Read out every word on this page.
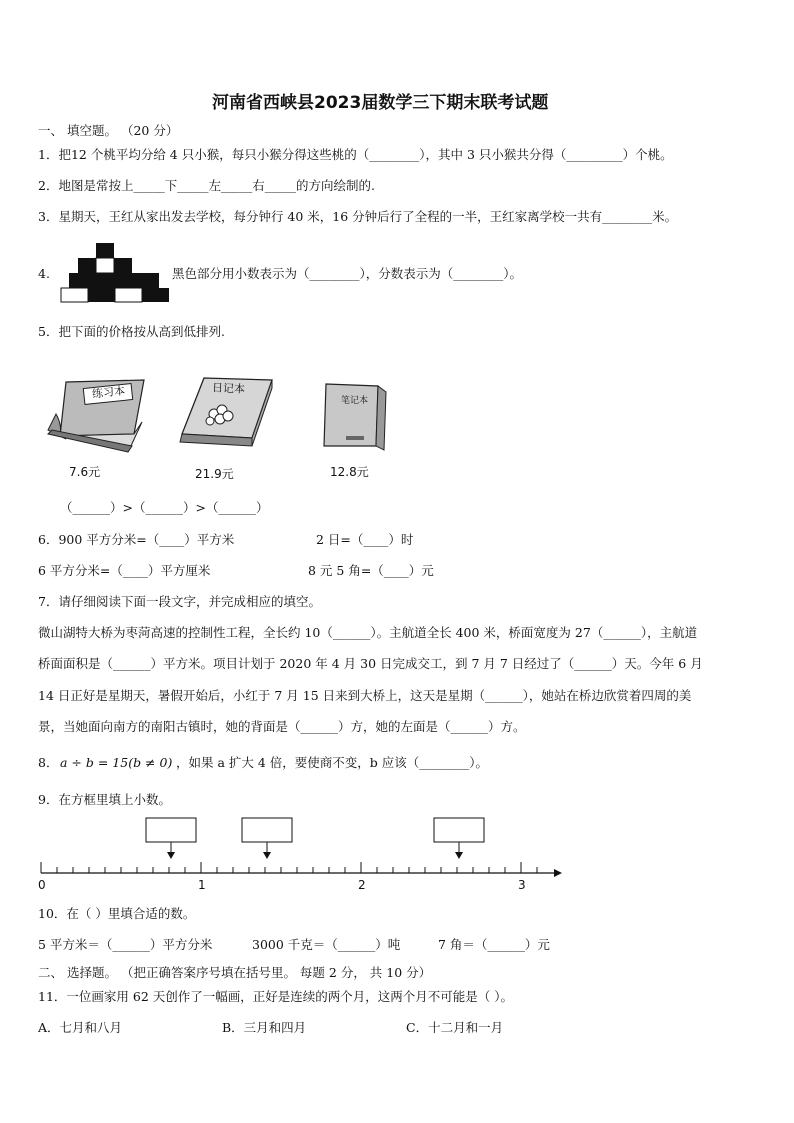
河南省西峡县2023届数学三下期末联考试题
一、 填空题。 （20 分）
1．把12 个桃平均分给 4 只小猴，每只小猴分得这些桃的（________），其中 3 只小猴共分得（_________）个桃。
2．地图是常按上_____下_____左_____右_____的方向绘制的.
3．星期天，王红从家出发去学校，每分钟行 40 米，16 分钟后行了全程的一半，王红家离学校一共有________米。
4.	黑色部分用小数表示为（________），分数表示为（________）。
5．把下面的价格按从高到低排列.
练习本	日记本
笔记本
7.6元	21.9元	12.8元
（______）>（______）>（______）
6．900 平方分米=（____）平方米	2 日=（____）时
6 平方分米=（____）平方厘米	8 元 5 角=（____）元
7．请仔细阅读下面一段文字，并完成相应的填空。
微山湖特大桥为枣菏高速的控制性工程，全长约 10（______）。主航道全长 400 米，桥面宽度为 27（______），主航道
桥面面积是（______）平方米。项目计划于 2020 年 4 月 30 日完成交工，到 7 月 7 日经过了（______）天。今年 6 月
14 日正好是星期天，暑假开始后，小红于 7 月 15 日来到大桥上，这天是星期（______），她站在桥边欣赏着四周的美
景，当她面向南方的南阳古镇时，她的背面是（______）方，她的左面是（______）方。
8． a ÷ b = 15(b ≠ 0) ，如果 a 扩大 4 倍，要使商不变，b 应该（________）。
9．在方框里填上小数。
0	1	2	3
10．在（ ）里填合适的数。
5 平方米＝（______）平方分米	3000 千克＝（______）吨	7 角＝（______）元
二、 选择题。 （把正确答案序号填在括号里。 每题 2 分， 共 10 分）
11．一位画家用 62 天创作了一幅画，正好是连续的两个月，这两个月不可能是（ ）。
A．七月和八月	B．三月和四月	C．十二月和一月
